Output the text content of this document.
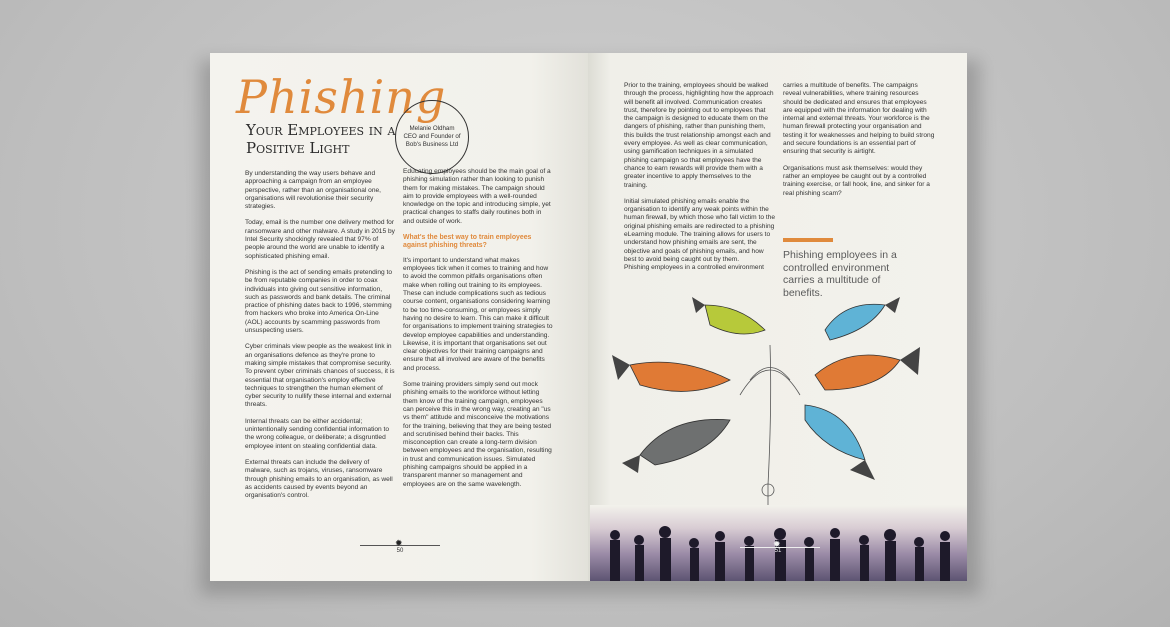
Phishing
Your Employees in a Positive Light
Melanie Oldham CEO and Founder of Bob's Business Ltd

By understanding the way users behave and approaching a campaign from an employee perspective, rather than an organisational one, organisations will revolutionise their security strategies.

Today, email is the number one delivery method for ransomware and other malware. A study in 2015 by Intel Security shockingly revealed that 97% of people around the world are unable to identify a sophisticated phishing email.

Phishing is the act of sending emails pretending to be from reputable companies in order to coax individuals into giving out sensitive information, such as passwords and bank details. The criminal practice of phishing dates back to 1996, stemming from hackers who broke into America On-Line (AOL) accounts by scamming passwords from unsuspecting users.

Cyber criminals view people as the weakest link in an organisations defence as they're prone to making simple mistakes that compromise security. To prevent cyber criminals chances of success, it is essential that organisation's employ effective techniques to strengthen the human element of cyber security to nullify these internal and external threats.

Internal threats can be either accidental; unintentionally sending confidential information to the wrong colleague, or deliberate; a disgruntled employee intent on stealing confidential data.

External threats can include the delivery of malware, such as trojans, viruses, ransomware through phishing emails to an organisation, as well as accidents caused by events beyond an organisation's control.

Educating employees should be the main goal of a phishing simulation rather than looking to punish them for making mistakes. The campaign should aim to provide employees with a well-rounded knowledge on the topic and introducing simple, yet practical changes to staffs daily routines both in and outside of work.

What's the best way to train employees against phishing threats?

It's important to understand what makes employees tick when it comes to training and how to avoid the common pitfalls organisations often make when rolling out training to its employees. These can include complications such as tedious course content, organisations considering learning to be too time-consuming, or employees simply having no desire to learn. This can make it difficult for organisations to implement training strategies to develop employee capabilities and understanding. Likewise, it is important that organisations set out clear objectives for their training campaigns and ensure that all involved are aware of the benefits and process.

Some training providers simply send out mock phishing emails to the workforce without letting them know of the training campaign, employees can perceive this in the wrong way, creating an "us vs them" attitude and misconceive the motivations for the training, believing that they are being tested and scrutinised behind their backs. This misconception can create a long-term division between employees and the organisation, resulting in trust and communication issues. Simulated phishing campaigns should be applied in a transparent manner so management and employees are on the same wavelength.

✹
50

Prior to the training, employees should be walked through the process, highlighting how the approach will benefit all involved. Communication creates trust, therefore by pointing out to employees that the campaign is designed to educate them on the dangers of phishing, rather than punishing them, this builds the trust relationship amongst each and every employee. As well as clear communication, using gamification techniques in a simulated phishing campaign so that employees have the chance to earn rewards will provide them with a greater incentive to apply themselves to the training.

Initial simulated phishing emails enable the organisation to identify any weak points within the human firewall, by which those who fall victim to the original phishing emails are redirected to a phishing eLearning module. The training allows for users to understand how phishing emails are sent, the objective and goals of phishing emails, and how best to avoid being caught out by them.

Phishing employees in a controlled environment

carries a multitude of benefits. The campaigns reveal vulnerabilities, where training resources should be dedicated and ensures that employees are equipped with the information for dealing with internal and external threats. Your workforce is the human firewall protecting your organisation and testing it for weaknesses and helping to build strong and secure foundations is an essential part of ensuring that security is airtight.

Organisations must ask themselves: would they rather an employee be caught out by a controlled training exercise, or fall hook, line, and sinker for a real phishing scam?

Phishing employees in a controlled environment carries a multitude of benefits.
✹
51
